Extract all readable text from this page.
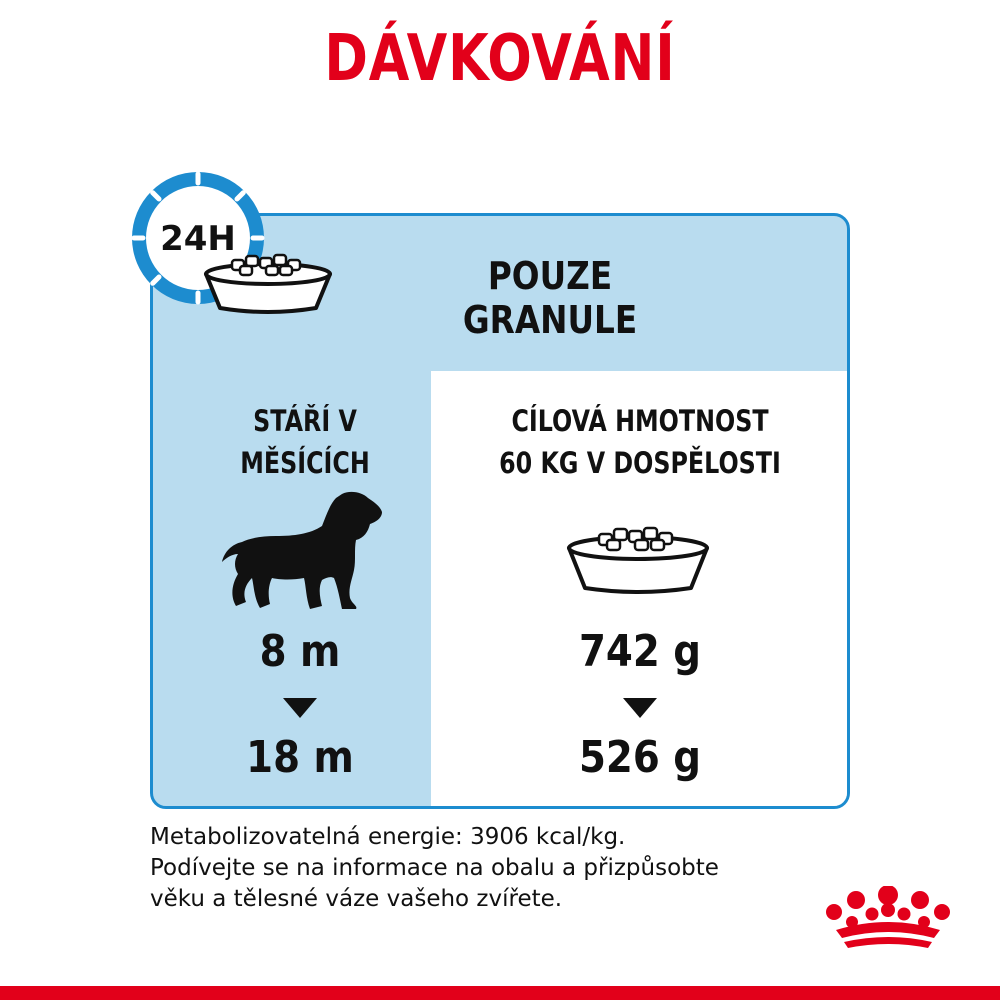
DÁVKOVÁNÍ
24H
POUZE
GRANULE
STÁŘÍ V
MĚSÍCÍCH
CÍLOVÁ HMOTNOST
60 KG V DOSPĚLOSTI
8 m
18 m
742 g
526 g
Metabolizovatelná energie: 3906 kcal/kg.
Podívejte se na informace na obalu a přizpůsobte
věku a tělesné váze vašeho zvířete.
